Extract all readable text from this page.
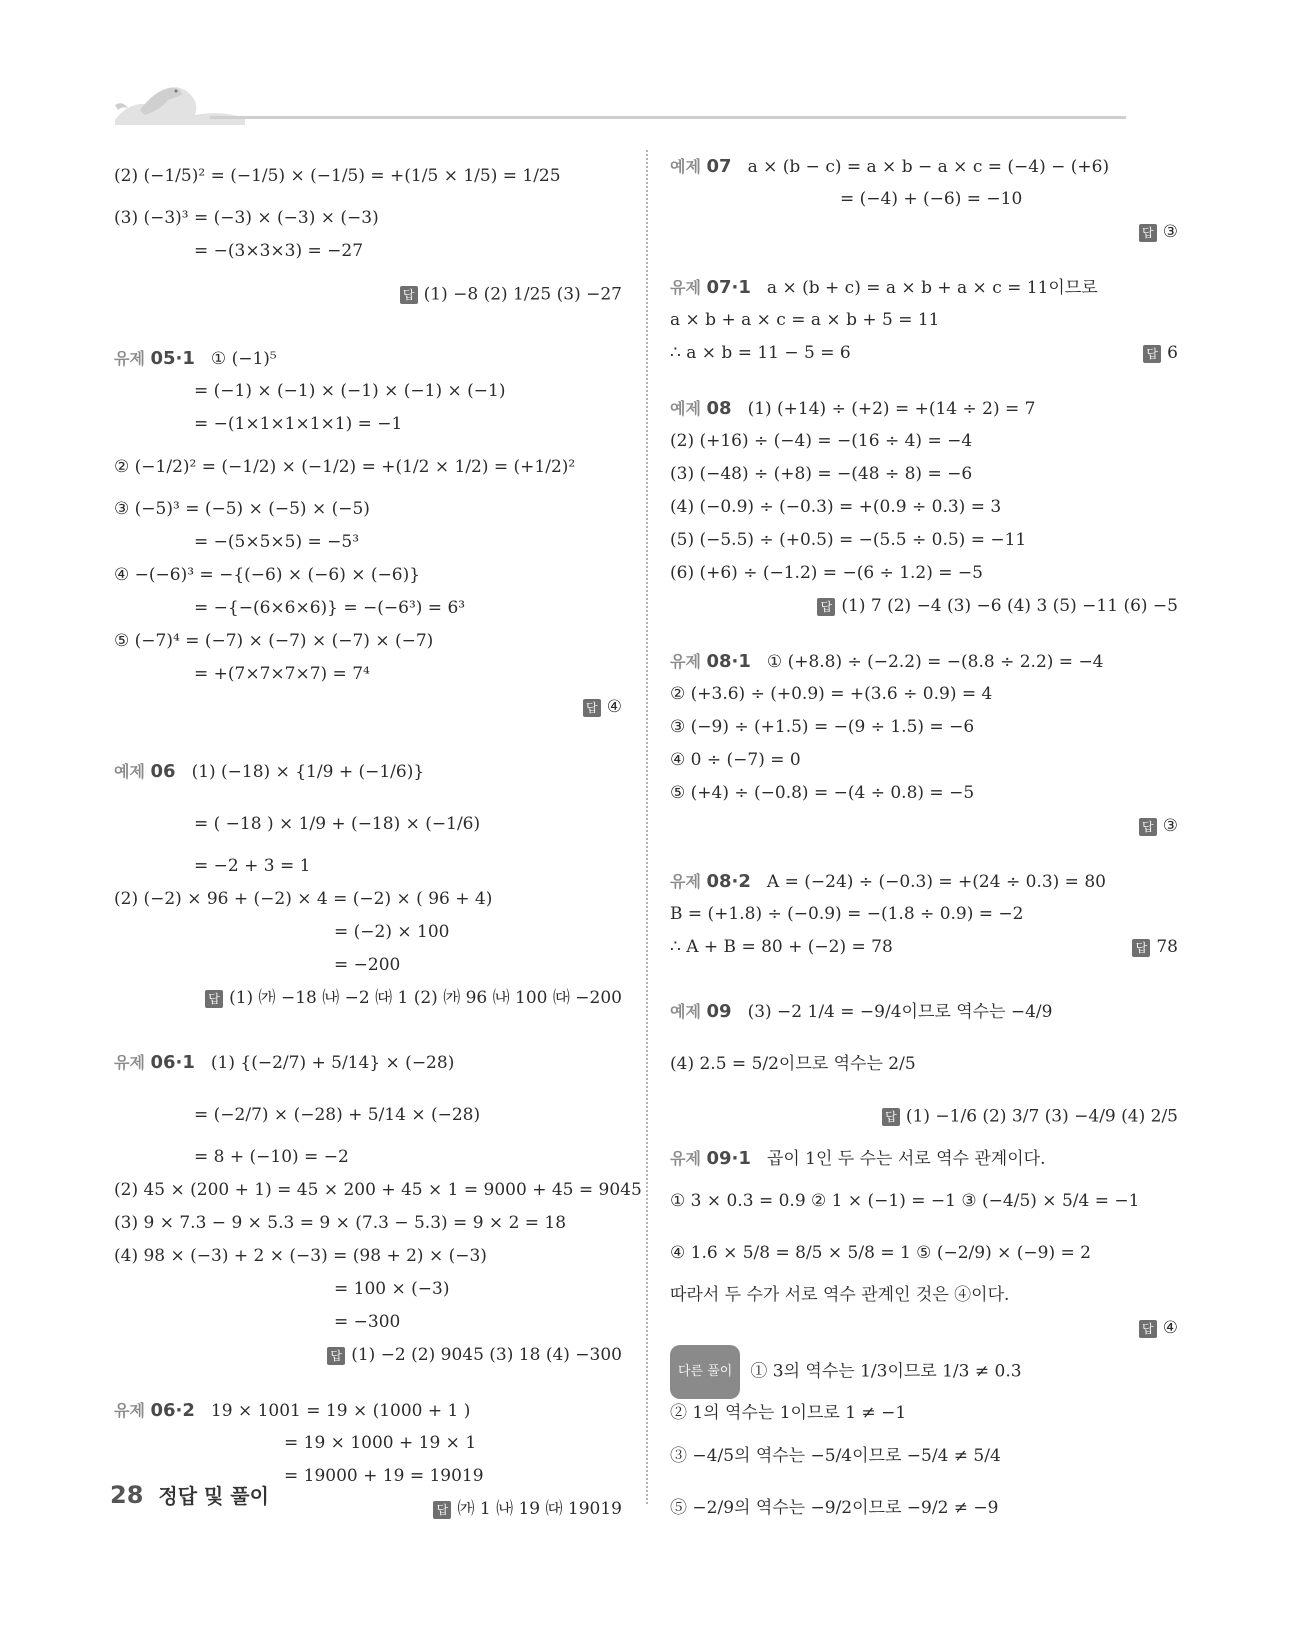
(2) (−1/5)² = (−1/5) × (−1/5) = +(1/5 × 1/5) = 1/25
(3) (−3)³ = (−3) × (−3) × (−3)
= −(3×3×3) = −27
답 (1) −8 (2) 1/25 (3) −27
유제 05·1 ① (−1)⁵
= (−1) × (−1) × (−1) × (−1) × (−1)
= −(1×1×1×1×1) = −1
② (−1/2)² = (−1/2) × (−1/2) = +(1/2 × 1/2) = (+1/2)²
③ (−5)³ = (−5) × (−5) × (−5)
= −(5×5×5) = −5³
④ −(−6)³ = −{(−6) × (−6) × (−6)}
= −{−(6×6×6)} = −(−6³) = 6³
⑤ (−7)⁴ = (−7) × (−7) × (−7) × (−7)
= +(7×7×7×7) = 7⁴
답 ④
예제 06 (1) (−18) × {1/9 + (−1/6)}
= ( −18 ) × 1/9 + (−18) × (−1/6)
= −2 + 3 = 1
(2) (−2) × 96 + (−2) × 4 = (−2) × ( 96 + 4)
= (−2) × 100
= −200
답 (1) ㈎ −18 ㈏ −2 ㈐ 1 (2) ㈎ 96 ㈏ 100 ㈐ −200
유제 06·1 (1) {(−2/7) + 5/14} × (−28)
= (−2/7) × (−28) + 5/14 × (−28)
= 8 + (−10) = −2
(2) 45 × (200 + 1) = 45 × 200 + 45 × 1 = 9000 + 45 = 9045
(3) 9 × 7.3 − 9 × 5.3 = 9 × (7.3 − 5.3) = 9 × 2 = 18
(4) 98 × (−3) + 2 × (−3) = (98 + 2) × (−3)
= 100 × (−3)
= −300
답 (1) −2 (2) 9045 (3) 18 (4) −300
유제 06·2 19 × 1001 = 19 × (1000 + 1 )
= 19 × 1000 + 19 × 1
= 19000 + 19 = 19019
답 ㈎ 1 ㈏ 19 ㈐ 19019
예제 07 a × (b − c) = a × b − a × c = (−4) − (+6)
= (−4) + (−6) = −10
답 ③
유제 07·1 a × (b + c) = a × b + a × c = 11이므로
a × b + a × c = a × b + 5 = 11
∴ a × b = 11 − 5 = 6	답 6
예제 08 (1) (+14) ÷ (+2) = +(14 ÷ 2) = 7
(2) (+16) ÷ (−4) = −(16 ÷ 4) = −4
(3) (−48) ÷ (+8) = −(48 ÷ 8) = −6
(4) (−0.9) ÷ (−0.3) = +(0.9 ÷ 0.3) = 3
(5) (−5.5) ÷ (+0.5) = −(5.5 ÷ 0.5) = −11
(6) (+6) ÷ (−1.2) = −(6 ÷ 1.2) = −5
답 (1) 7 (2) −4 (3) −6 (4) 3 (5) −11 (6) −5
유제 08·1 ① (+8.8) ÷ (−2.2) = −(8.8 ÷ 2.2) = −4
② (+3.6) ÷ (+0.9) = +(3.6 ÷ 0.9) = 4
③ (−9) ÷ (+1.5) = −(9 ÷ 1.5) = −6
④ 0 ÷ (−7) = 0
⑤ (+4) ÷ (−0.8) = −(4 ÷ 0.8) = −5
답 ③
유제 08·2 A = (−24) ÷ (−0.3) = +(24 ÷ 0.3) = 80
B = (+1.8) ÷ (−0.9) = −(1.8 ÷ 0.9) = −2
∴ A + B = 80 + (−2) = 78	답 78
예제 09 (3) −2 1/4 = −9/4이므로 역수는 −4/9
(4) 2.5 = 5/2이므로 역수는 2/5
답 (1) −1/6 (2) 3/7 (3) −4/9 (4) 2/5
유제 09·1 곱이 1인 두 수는 서로 역수 관계이다.
① 3 × 0.3 = 0.9 ② 1 × (−1) = −1 ③ (−4/5) × 5/4 = −1
④ 1.6 × 5/8 = 8/5 × 5/8 = 1 ⑤ (−2/9) × (−9) = 2
따라서 두 수가 서로 역수 관계인 것은 ④이다.
답 ④
다른 풀이 ① 3의 역수는 1/3이므로 1/3 ≠ 0.3
② 1의 역수는 1이므로 1 ≠ −1
③ −4/5의 역수는 −5/4이므로 −5/4 ≠ 5/4
⑤ −2/9의 역수는 −9/2이므로 −9/2 ≠ −9
28 정답 및 풀이
